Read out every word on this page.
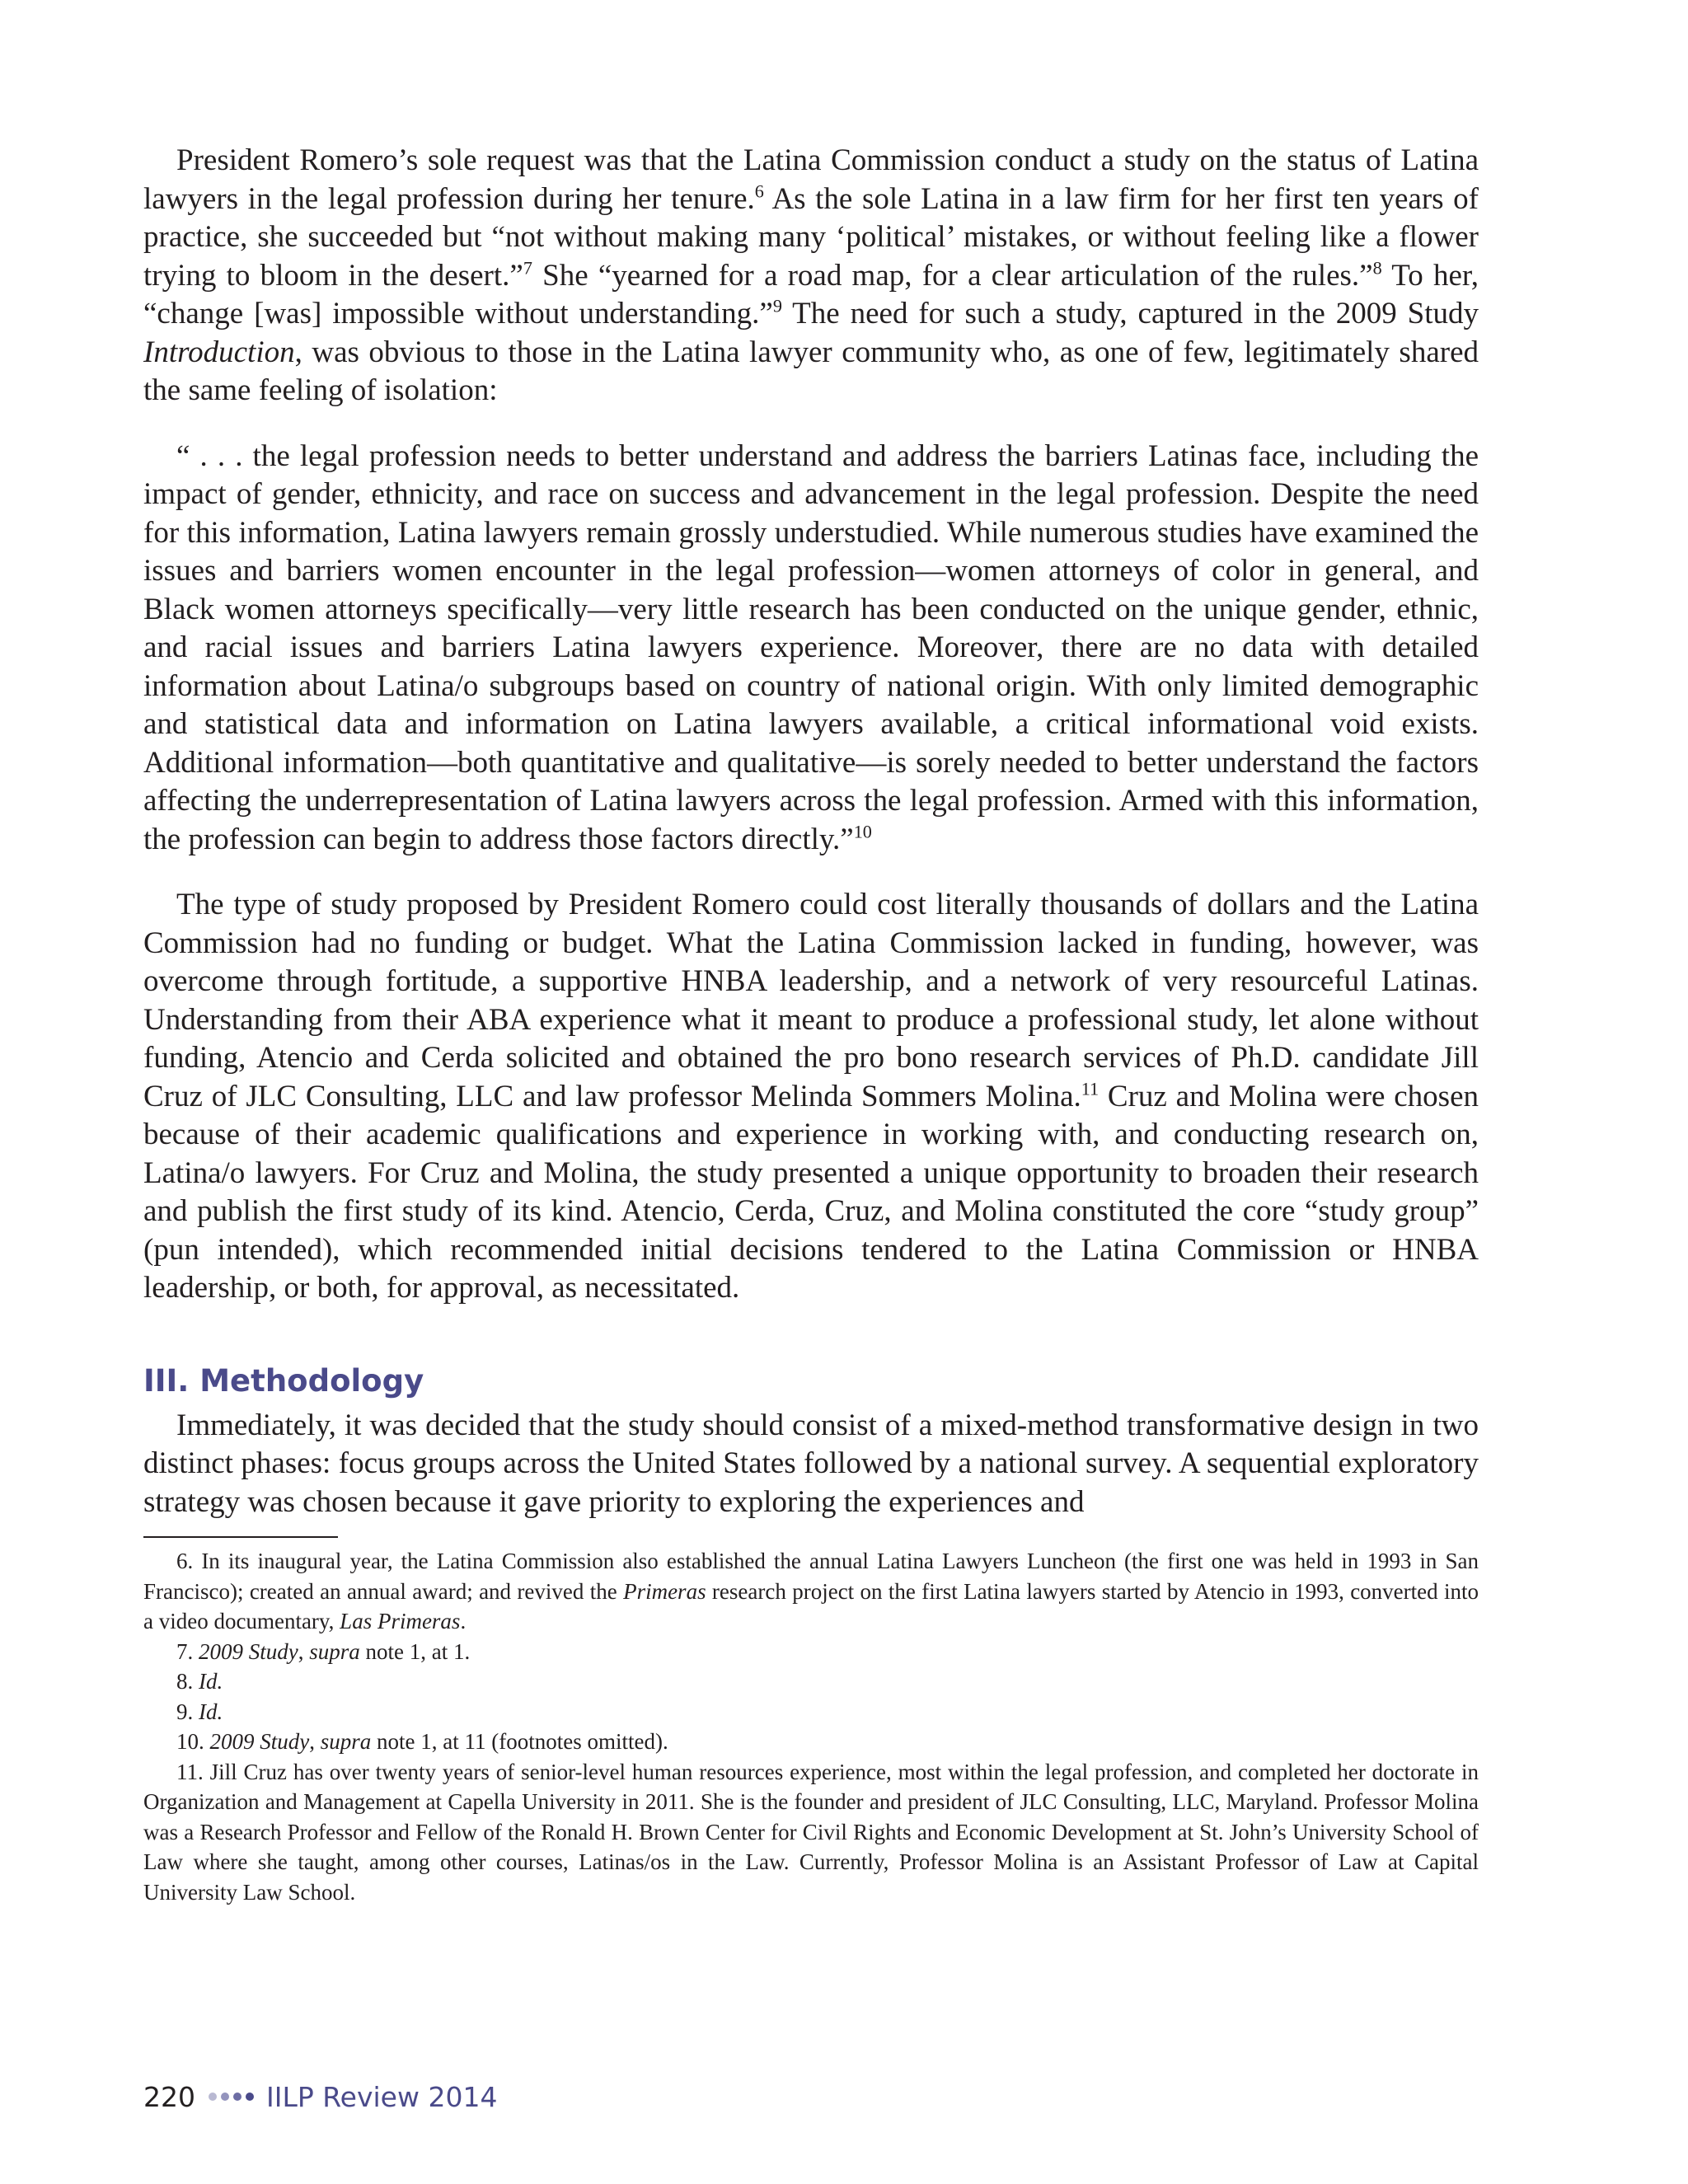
President Romero’s sole request was that the Latina Commission conduct a study on the status of Latina lawyers in the legal profession during her tenure.$^6$ As the sole Latina in a law firm for her first ten years of practice, she succeeded but “not without making many ‘political’ mistakes, or without feeling like a flower trying to bloom in the desert.”$^7$ She “yearned for a road map, for a clear articulation of the rules.”$^8$ To her, “change [was] impossible without understanding.”$^9$ The need for such a study, captured in the 2009 Study Introduction, was obvious to those in the Latina lawyer community who, as one of few, legitimately shared the same feeling of isolation:

“ . . . the legal profession needs to better understand and address the barriers Latinas face, including the impact of gender, ethnicity, and race on success and advancement in the legal profession. Despite the need for this information, Latina lawyers remain grossly understudied. While numerous studies have examined the issues and barriers women encounter in the legal profession—women attorneys of color in general, and Black women attorneys specifically—very little research has been conducted on the unique gender, ethnic, and racial issues and barriers Latina lawyers experience. Moreover, there are no data with detailed information about Latina/o subgroups based on country of national origin. With only limited demographic and statistical data and information on Latina lawyers available, a critical informational void exists. Additional information—both quantitative and qualitative—is sorely needed to better understand the factors affecting the underrepresentation of Latina lawyers across the legal profession. Armed with this information, the profession can begin to address those factors directly.”$^{10}$

The type of study proposed by President Romero could cost literally thousands of dollars and the Latina Commission had no funding or budget. What the Latina Commission lacked in funding, however, was overcome through fortitude, a supportive HNBA leadership, and a network of very resourceful Latinas. Understanding from their ABA experience what it meant to produce a professional study, let alone without funding, Atencio and Cerda solicited and obtained the pro bono research services of Ph.D. candidate Jill Cruz of JLC Consulting, LLC and law professor Melinda Sommers Molina.$^{11}$ Cruz and Molina were chosen because of their academic qualifications and experience in working with, and conducting research on, Latina/o lawyers. For Cruz and Molina, the study presented a unique opportunity to broaden their research and publish the first study of its kind. Atencio, Cerda, Cruz, and Molina constituted the core “study group” (pun intended), which recommended initial decisions tendered to the Latina Commission or HNBA leadership, or both, for approval, as necessitated.

III. Methodology

Immediately, it was decided that the study should consist of a mixed-method transformative design in two distinct phases: focus groups across the United States followed by a national survey. A sequential exploratory strategy was chosen because it gave priority to exploring the experiences and

6. In its inaugural year, the Latina Commission also established the annual Latina Lawyers Luncheon (the first one was held in 1993 in San Francisco); created an annual award; and revived the Primeras research project on the first Latina lawyers started by Atencio in 1993, converted into a video documentary, Las Primeras.

7. 2009 Study, supra note 1, at 1.

8. Id.

9. Id.

10. 2009 Study, supra note 1, at 11 (footnotes omitted).

11. Jill Cruz has over twenty years of senior-level human resources experience, most within the legal profession, and completed her doctorate in Organization and Management at Capella University in 2011. She is the founder and president of JLC Consulting, LLC, Maryland. Professor Molina was a Research Professor and Fellow of the Ronald H. Brown Center for Civil Rights and Economic Development at St. John’s University School of Law where she taught, among other courses, Latinas/os in the Law. Currently, Professor Molina is an Assistant Professor of Law at Capital University Law School.

220	IILP Review 2014
